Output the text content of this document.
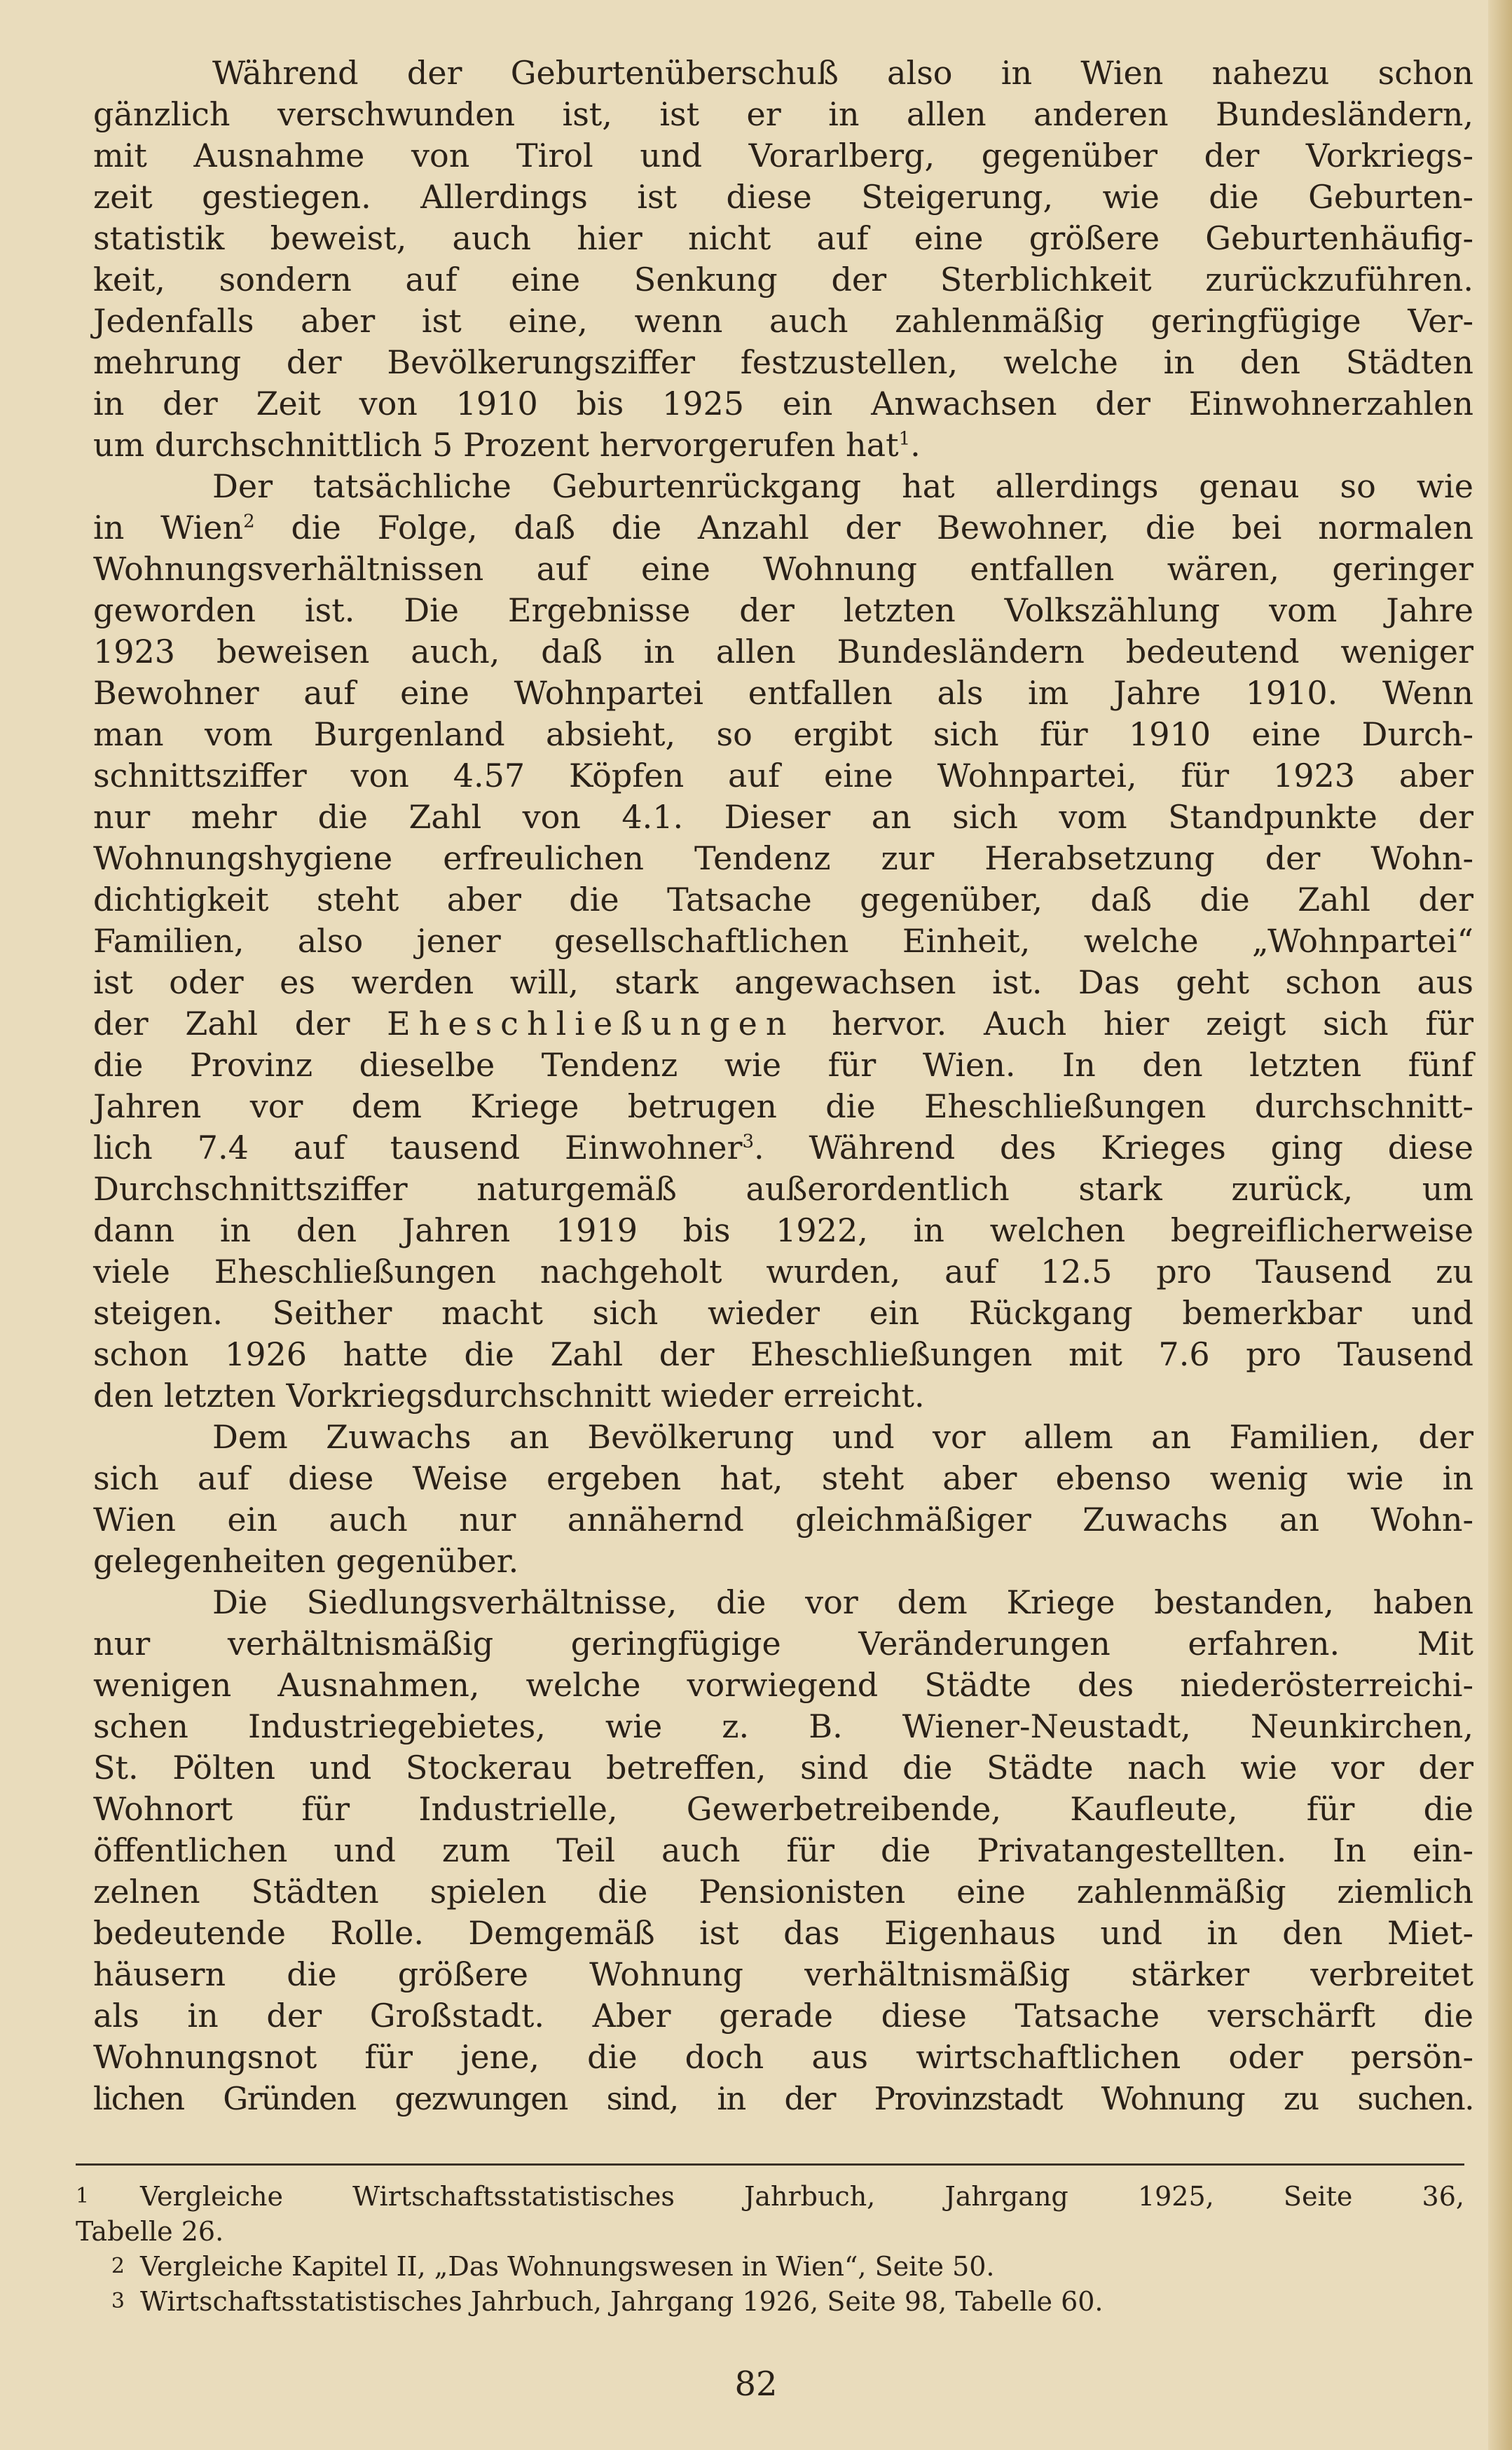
Während der Geburtenüberschuß also in Wien nahezu schon
gänzlich verschwunden ist, ist er in allen anderen Bundesländern,
mit Ausnahme von Tirol und Vorarlberg, gegenüber der Vorkriegs-
zeit gestiegen. Allerdings ist diese Steigerung, wie die Geburten-
statistik beweist, auch hier nicht auf eine größere Geburtenhäufig-
keit, sondern auf eine Senkung der Sterblichkeit zurückzuführen.
Jedenfalls aber ist eine, wenn auch zahlenmäßig geringfügige Ver-
mehrung der Bevölkerungsziffer festzustellen, welche in den Städten
in der Zeit von 1910 bis 1925 ein Anwachsen der Einwohnerzahlen
um durchschnittlich 5 Prozent hervorgerufen hat$^1$.
Der tatsächliche Geburtenrückgang hat allerdings genau so wie
in Wien$^2$ die Folge, daß die Anzahl der Bewohner, die bei normalen
Wohnungsverhältnissen auf eine Wohnung entfallen wären, geringer
geworden ist. Die Ergebnisse der letzten Volkszählung vom Jahre
1923 beweisen auch, daß in allen Bundesländern bedeutend weniger
Bewohner auf eine Wohnpartei entfallen als im Jahre 1910. Wenn
man vom Burgenland absieht, so ergibt sich für 1910 eine Durch-
schnittsziffer von 4.57 Köpfen auf eine Wohnpartei, für 1923 aber
nur mehr die Zahl von 4.1. Dieser an sich vom Standpunkte der
Wohnungshygiene erfreulichen Tendenz zur Herabsetzung der Wohn-
dichtigkeit steht aber die Tatsache gegenüber, daß die Zahl der
Familien, also jener gesellschaftlichen Einheit, welche „Wohnpartei“
ist oder es werden will, stark angewachsen ist. Das geht schon aus
der Zahl der Eheschließungen hervor. Auch hier zeigt sich für
die Provinz dieselbe Tendenz wie für Wien. In den letzten fünf
Jahren vor dem Kriege betrugen die Eheschließungen durchschnitt-
lich 7.4 auf tausend Einwohner$^3$. Während des Krieges ging diese
Durchschnittsziffer naturgemäß außerordentlich stark zurück, um
dann in den Jahren 1919 bis 1922, in welchen begreiflicherweise
viele Eheschließungen nachgeholt wurden, auf 12.5 pro Tausend zu
steigen. Seither macht sich wieder ein Rückgang bemerkbar und
schon 1926 hatte die Zahl der Eheschließungen mit 7.6 pro Tausend
den letzten Vorkriegsdurchschnitt wieder erreicht.
Dem Zuwachs an Bevölkerung und vor allem an Familien, der
sich auf diese Weise ergeben hat, steht aber ebenso wenig wie in
Wien ein auch nur annähernd gleichmäßiger Zuwachs an Wohn-
gelegenheiten gegenüber.
Die Siedlungsverhältnisse, die vor dem Kriege bestanden, haben
nur verhältnismäßig geringfügige Veränderungen erfahren. Mit
wenigen Ausnahmen, welche vorwiegend Städte des niederösterreichi-
schen Industriegebietes, wie z. B. Wiener-Neustadt, Neunkirchen,
St. Pölten und Stockerau betreffen, sind die Städte nach wie vor der
Wohnort für Industrielle, Gewerbetreibende, Kaufleute, für die
öffentlichen und zum Teil auch für die Privatangestellten. In ein-
zelnen Städten spielen die Pensionisten eine zahlenmäßig ziemlich
bedeutende Rolle. Demgemäß ist das Eigenhaus und in den Miet-
häusern die größere Wohnung verhältnismäßig stärker verbreitet
als in der Großstadt. Aber gerade diese Tatsache verschärft die
Wohnungsnot für jene, die doch aus wirtschaftlichen oder persön-
lichen Gründen gezwungen sind, in der Provinzstadt Wohnung zu suchen.
1 Vergleiche Wirtschaftsstatistisches Jahrbuch, Jahrgang 1925, Seite 36,
Tabelle 26.
2 Vergleiche Kapitel II, „Das Wohnungswesen in Wien“, Seite 50.
3 Wirtschaftsstatistisches Jahrbuch, Jahrgang 1926, Seite 98, Tabelle 60.
82
